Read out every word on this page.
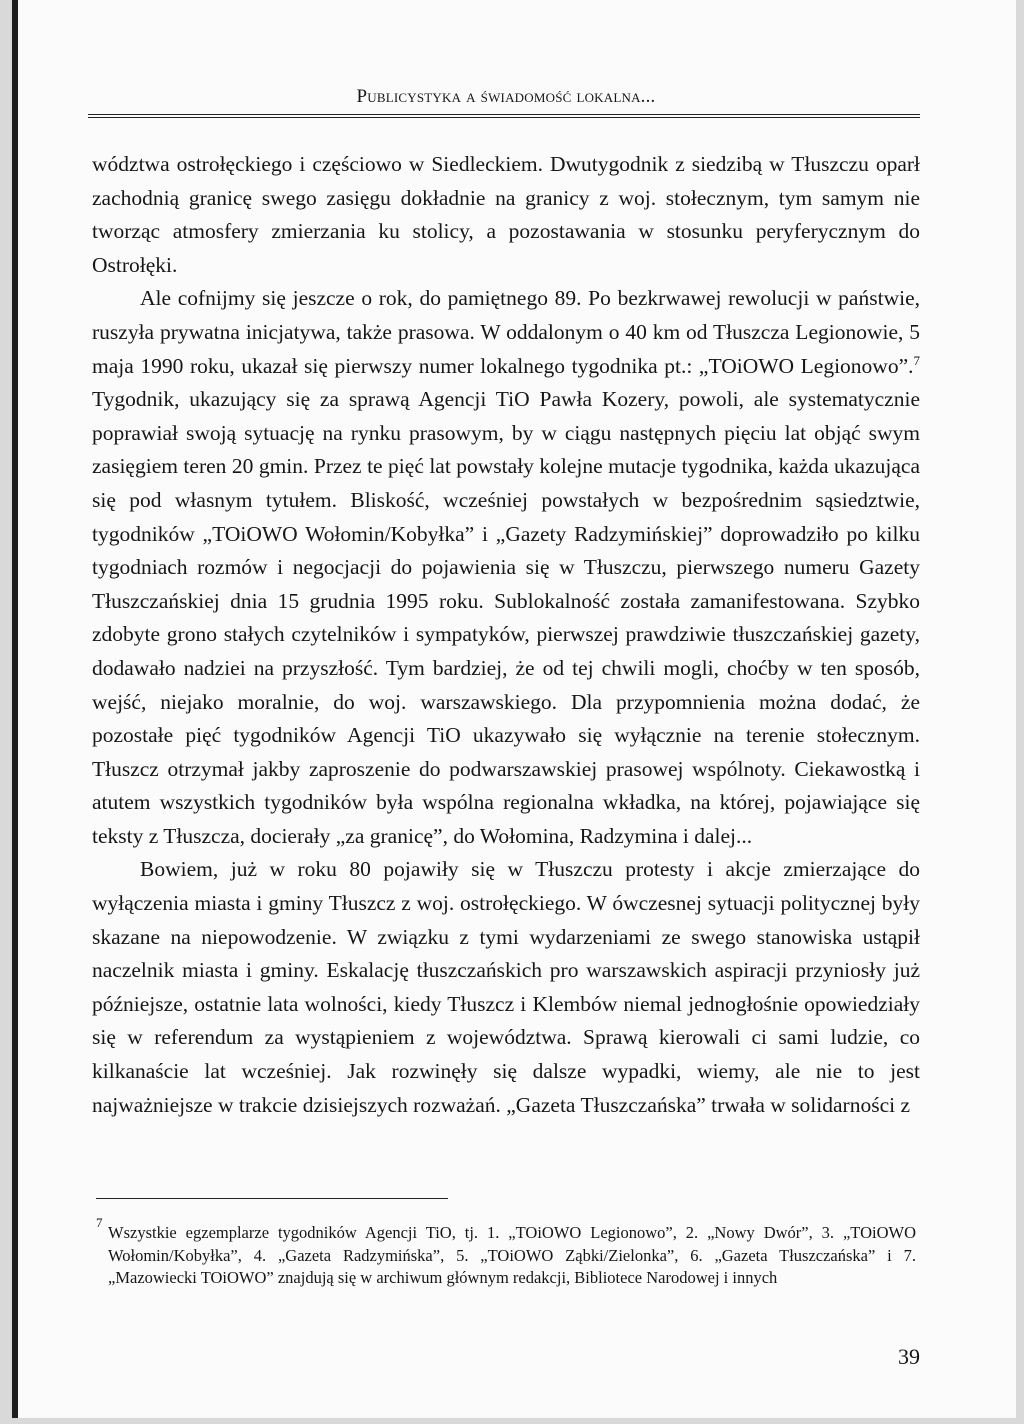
Publicystyka a świadomość lokalna...

wództwa ostrołęckiego i częściowo w Siedleckiem. Dwutygodnik z siedzibą w Tłuszczu oparł zachodnią granicę swego zasięgu dokładnie na granicy z woj. stołecznym, tym samym nie tworząc atmosfery zmierzania ku stolicy, a pozostawania w stosunku peryferycznym do Ostrołęki.

Ale cofnijmy się jeszcze o rok, do pamiętnego 89. Po bezkrwawej rewolucji w państwie, ruszyła prywatna inicjatywa, także prasowa. W oddalonym o 40 km od Tłuszcza Legionowie, 5 maja 1990 roku, ukazał się pierwszy numer lokalnego tygodnika pt.: „TOiOWO Legionowo”.$^7$ Tygodnik, ukazujący się za sprawą Agencji TiO Pawła Kozery, powoli, ale systematycznie poprawiał swoją sytuację na rynku prasowym, by w ciągu następnych pięciu lat objąć swym zasięgiem teren 20 gmin. Przez te pięć lat powstały kolejne mutacje tygodnika, każda ukazująca się pod własnym tytułem. Bliskość, wcześniej powstałych w bezpośrednim sąsiedztwie, tygodników „TOiOWO Wołomin/Kobyłka” i „Gazety Radzymińskiej” doprowadziło po kilku tygodniach rozmów i negocjacji do pojawienia się w Tłuszczu, pierwszego numeru Gazety Tłuszczańskiej dnia 15 grudnia 1995 roku. Sublokalność została zamanifestowana. Szybko zdobyte grono stałych czytelników i sympatyków, pierwszej prawdziwie tłuszczańskiej gazety, dodawało nadziei na przyszłość. Tym bardziej, że od tej chwili mogli, choćby w ten sposób, wejść, niejako moralnie, do woj. warszawskiego. Dla przypomnienia można dodać, że pozostałe pięć tygodników Agencji TiO ukazywało się wyłącznie na terenie stołecznym. Tłuszcz otrzymał jakby zaproszenie do podwarszawskiej prasowej wspólnoty. Ciekawostką i atutem wszystkich tygodników była wspólna regionalna wkładka, na której, pojawiające się teksty z Tłuszcza, docierały „za granicę”, do Wołomina, Radzymina i dalej...

Bowiem, już w roku 80 pojawiły się w Tłuszczu protesty i akcje zmierzające do wyłączenia miasta i gminy Tłuszcz z woj. ostrołęckiego. W ówczesnej sytuacji politycznej były skazane na niepowodzenie. W związku z tymi wydarzeniami ze swego stanowiska ustąpił naczelnik miasta i gminy. Eskalację tłuszczańskich pro warszawskich aspiracji przyniosły już późniejsze, ostatnie lata wolności, kiedy Tłuszcz i Klembów niemal jednogłośnie opowiedziały się w referendum za wystąpieniem z województwa. Sprawą kierowali ci sami ludzie, co kilkanaście lat wcześniej. Jak rozwinęły się dalsze wypadki, wiemy, ale nie to jest najważniejsze w trakcie dzisiejszych rozważań. „Gazeta Tłuszczańska” trwała w solidarności z

7
Wszystkie egzemplarze tygodników Agencji TiO, tj. 1. „TOiOWO Legionowo”, 2. „Nowy Dwór”, 3. „TOiOWO Wołomin/Kobyłka”, 4. „Gazeta Radzymińska”, 5. „TOiOWO Ząbki/Zielonka”, 6. „Gazeta Tłuszczańska” i 7. „Mazowiecki TOiOWO” znajdują się w archiwum głównym redakcji, Bibliotece Narodowej i innych
39
